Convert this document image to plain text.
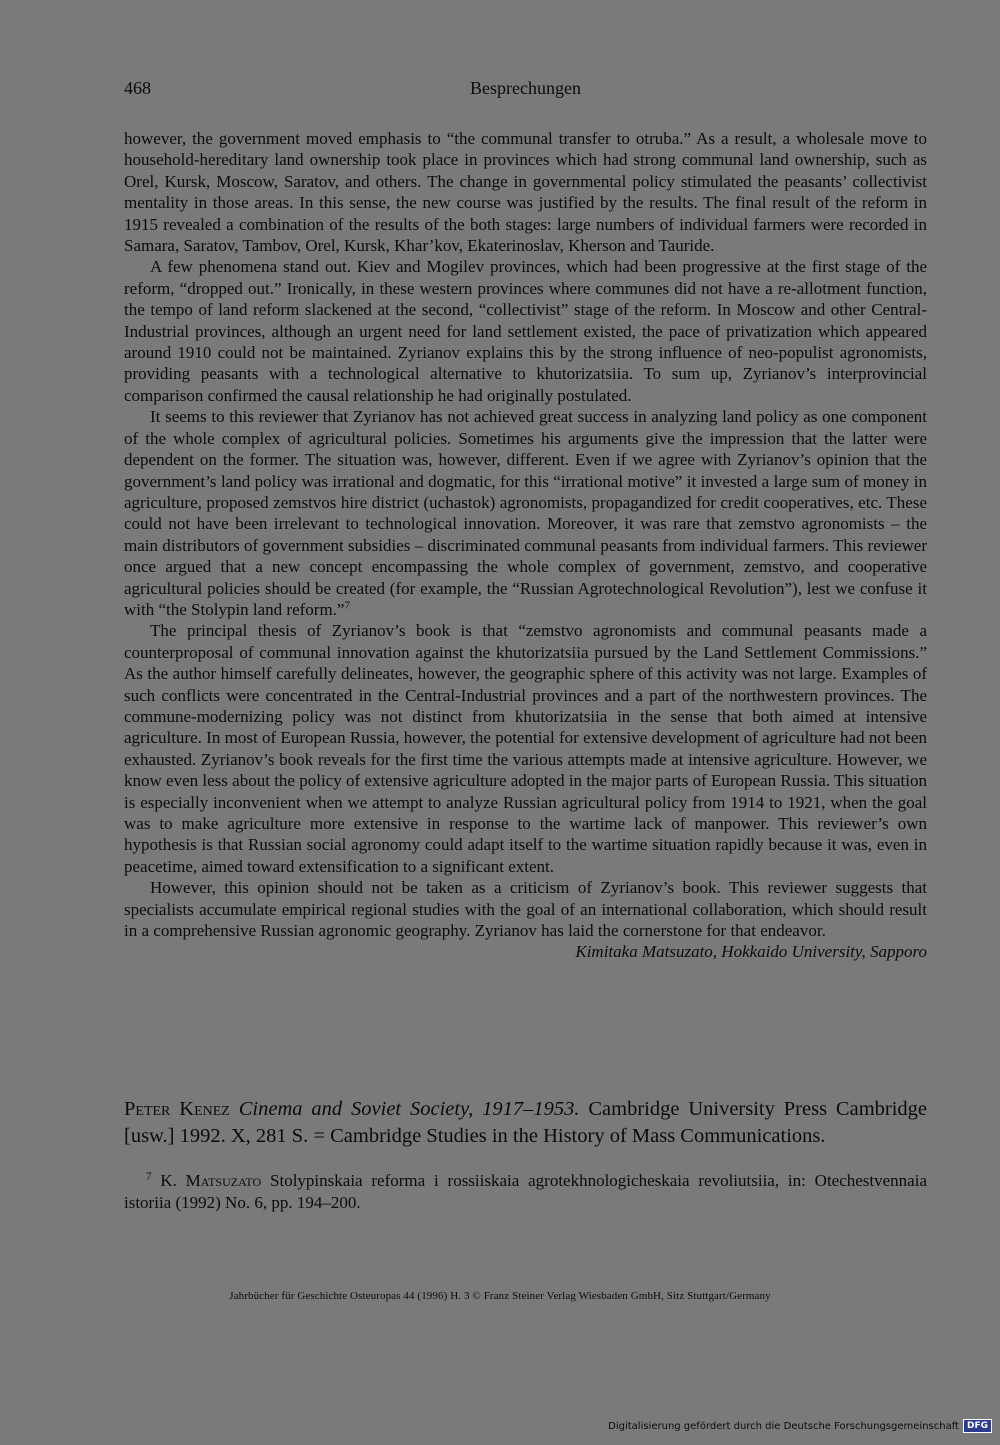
468	Besprechungen

however, the government moved emphasis to “the communal transfer to otruba.” As a result, a wholesale move to household-hereditary land ownership took place in provinces which had strong communal land ownership, such as Orel, Kursk, Moscow, Saratov, and others. The change in governmental policy stimulated the peasants’ collectivist mentality in those areas. In this sense, the new course was justified by the results. The final result of the reform in 1915 revealed a combination of the results of the both stages: large numbers of individual farmers were recorded in Samara, Saratov, Tambov, Orel, Kursk, Khar’kov, Ekaterinoslav, Kherson and Tauride.

A few phenomena stand out. Kiev and Mogilev provinces, which had been progressive at the first stage of the reform, “dropped out.” Ironically, in these western provinces where communes did not have a re-allotment function, the tempo of land reform slackened at the second, “collectivist” stage of the reform. In Moscow and other Central-Industrial provinces, although an urgent need for land settlement existed, the pace of privatization which appeared around 1910 could not be maintained. Zyrianov explains this by the strong influence of neo-populist agronomists, providing peasants with a technological alternative to khutorizatsiia. To sum up, Zyrianov’s interprovincial comparison confirmed the causal relationship he had originally postulated.

It seems to this reviewer that Zyrianov has not achieved great success in analyzing land policy as one component of the whole complex of agricultural policies. Sometimes his arguments give the impression that the latter were dependent on the former. The situation was, however, different. Even if we agree with Zyrianov’s opinion that the government’s land policy was irrational and dogmatic, for this “irrational motive” it invested a large sum of money in agriculture, proposed zemstvos hire district (uchastok) agronomists, propagandized for credit cooperatives, etc. These could not have been irrelevant to technological innovation. Moreover, it was rare that zemstvo agronomists – the main distributors of government subsidies – discriminated communal peasants from individual farmers. This reviewer once argued that a new concept encompassing the whole complex of government, zemstvo, and cooperative agricultural policies should be created (for example, the “Russian Agrotechnological Revolution”), lest we confuse it with “the Stolypin land reform.”$^7$

The principal thesis of Zyrianov’s book is that “zemstvo agronomists and communal peasants made a counterproposal of communal innovation against the khutorizatsiia pursued by the Land Settlement Commissions.” As the author himself carefully delineates, however, the geographic sphere of this activity was not large. Examples of such conflicts were concentrated in the Central-Industrial provinces and a part of the northwestern provinces. The commune-modernizing policy was not distinct from khutorizatsiia in the sense that both aimed at intensive agriculture. In most of European Russia, however, the potential for extensive development of agriculture had not been exhausted. Zyrianov’s book reveals for the first time the various attempts made at intensive agriculture. However, we know even less about the policy of extensive agriculture adopted in the major parts of European Russia. This situation is especially inconvenient when we attempt to analyze Russian agricultural policy from 1914 to 1921, when the goal was to make agriculture more extensive in response to the wartime lack of manpower. This reviewer’s own hypothesis is that Russian social agronomy could adapt itself to the wartime situation rapidly because it was, even in peacetime, aimed toward extensification to a significant extent.

However, this opinion should not be taken as a criticism of Zyrianov’s book. This reviewer suggests that specialists accumulate empirical regional studies with the goal of an international collaboration, which should result in a comprehensive Russian agronomic geography. Zyrianov has laid the cornerstone for that endeavor.

Kimitaka Matsuzato, Hokkaido University, Sapporo
Peter Kenez Cinema and Soviet Society, 1917–1953. Cambridge University Press Cambridge [usw.] 1992. X, 281 S. = Cambridge Studies in the History of Mass Communications.
$^7$ K. Matsuzato Stolypinskaia reforma i rossiiskaia agrotekhnologicheskaia revoliutsiia, in: Otechestvennaia istoriia (1992) No. 6, pp. 194–200.
Jahrbücher für Geschichte Osteuropas 44 (1996) H. 3 © Franz Steiner Verlag Wiesbaden GmbH, Sitz Stuttgart/Germany
Digitalisierung gefördert durch die Deutsche Forschungsgemeinschaft DFG
